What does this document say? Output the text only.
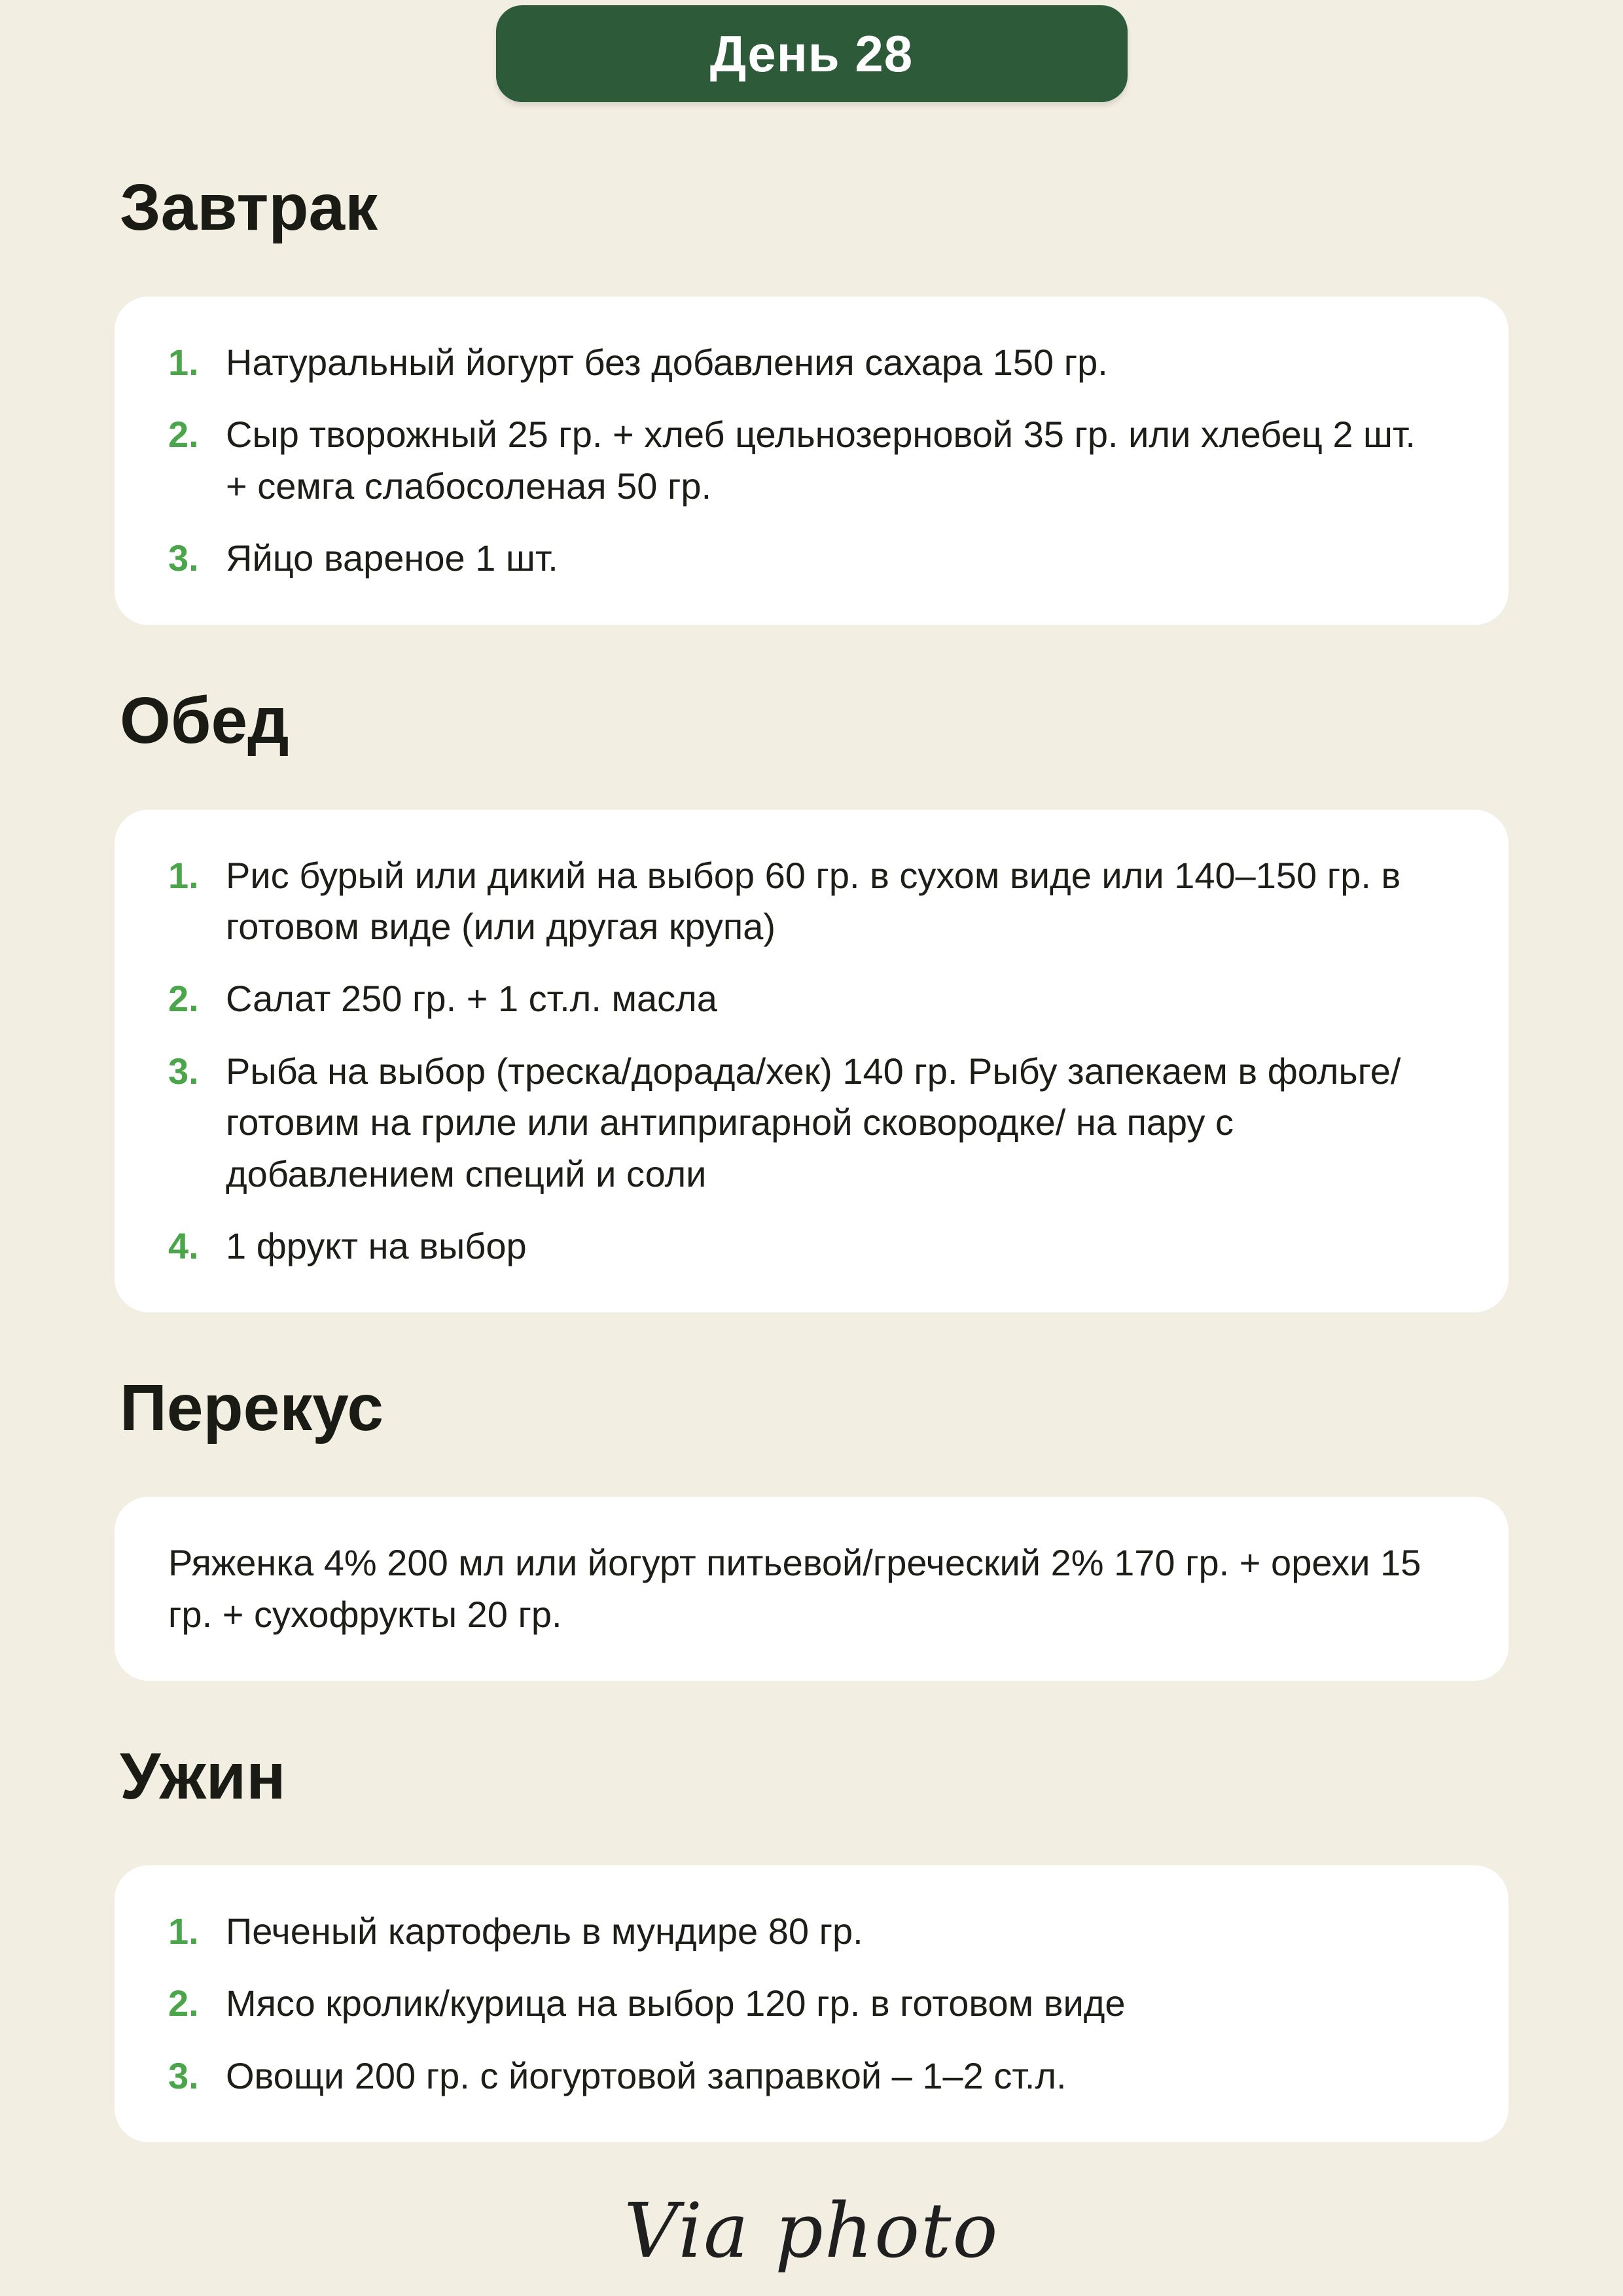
День 28
Завтрак
1. Натуральный йогурт без добавления сахара 150 гр.
2. Сыр творожный 25 гр. + хлеб цельнозерновой 35 гр. или хлебец 2 шт. + семга слабосоленая 50 гр.
3. Яйцо вареное 1 шт.
Обед
1. Рис бурый или дикий на выбор 60 гр. в сухом виде или 140–150 гр. в готовом виде (или другая крупа)
2. Салат 250 гр. + 1 ст.л. масла
3. Рыба на выбор (треска/дорада/хек) 140 гр. Рыбу запекаем в фольге/готовим на гриле или антипригарной сковородке/ на пару с добавлением специй и соли
4. 1 фрукт на выбор
Перекус
Ряженка 4% 200 мл или йогурт питьевой/греческий 2% 170 гр. + орехи 15 гр. + сухофрукты 20 гр.
Ужин
1. Печеный картофель в мундире 80 гр.
2. Мясо кролик/курица на выбор 120 гр. в готовом виде
3. Овощи 200 гр. с йогуртовой заправкой – 1–2 ст.л.
Via photo
